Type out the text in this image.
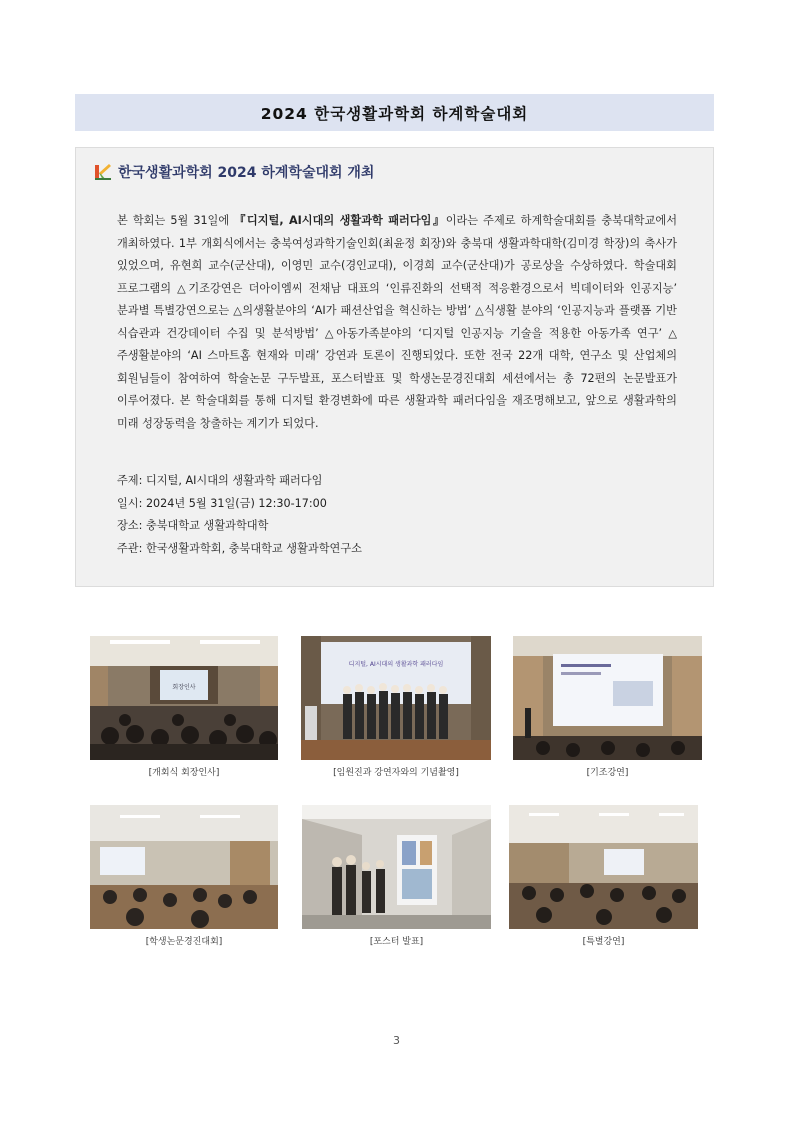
2024 한국생활과학회 하계학술대회
한국생활과학회 2024 하계학술대회 개최
본 학회는 5월 31일에 『디지털, AI시대의 생활과학 패러다임』이라는 주제로 하계학술대회를 충북대학교에서 개최하였다. 1부 개회식에서는 충북여성과학기술인회(최윤정 회장)와 충북대 생활과학대학(김미경 학장)의 축사가 있었으며, 유현희 교수(군산대), 이영민 교수(경인교대), 이경희 교수(군산대)가 공로상을 수상하였다. 학술대회 프로그램의 △기조강연은 더아이엠씨 전채남 대표의 ‘인류진화의 선택적 적응환경으로서 빅데이터와 인공지능’ 분과별 특별강연으로는 △의생활분야의 ‘AI가 패션산업을 혁신하는 방법’ △식생활 분야의 ‘인공지능과 플랫폼 기반 식습관과 건강데이터 수집 및 분석방법’ △아동가족분야의 ‘디지털 인공지능 기술을 적용한 아동가족 연구’ △주생활분야의 ‘AI 스마트홈 현재와 미래’ 강연과 토론이 진행되었다. 또한 전국 22개 대학, 연구소 및 산업체의 회원님들이 참여하여 학술논문 구두발표, 포스터발표 및 학생논문경진대회 세션에서는 총 72편의 논문발표가 이루어졌다. 본 학술대회를 통해 디지털 환경변화에 따른 생활과학 패러다임을 재조명해보고, 앞으로 생활과학의 미래 성장동력을 창출하는 계기가 되었다.
주제: 디지털, AI시대의 생활과학 패러다임
일시: 2024년 5월 31일(금) 12:30-17:00
장소: 충북대학교 생활과학대학
주관: 한국생활과학회, 충북대학교 생활과학연구소
회장인사
[개회식 회장인사]
디지털, AI시대의 생활과학 패러다임
[임원진과 강연자와의 기념촬영]	[기조강연]
[학생논문경진대회]	[포스터 발표]	[특별강연]
3
